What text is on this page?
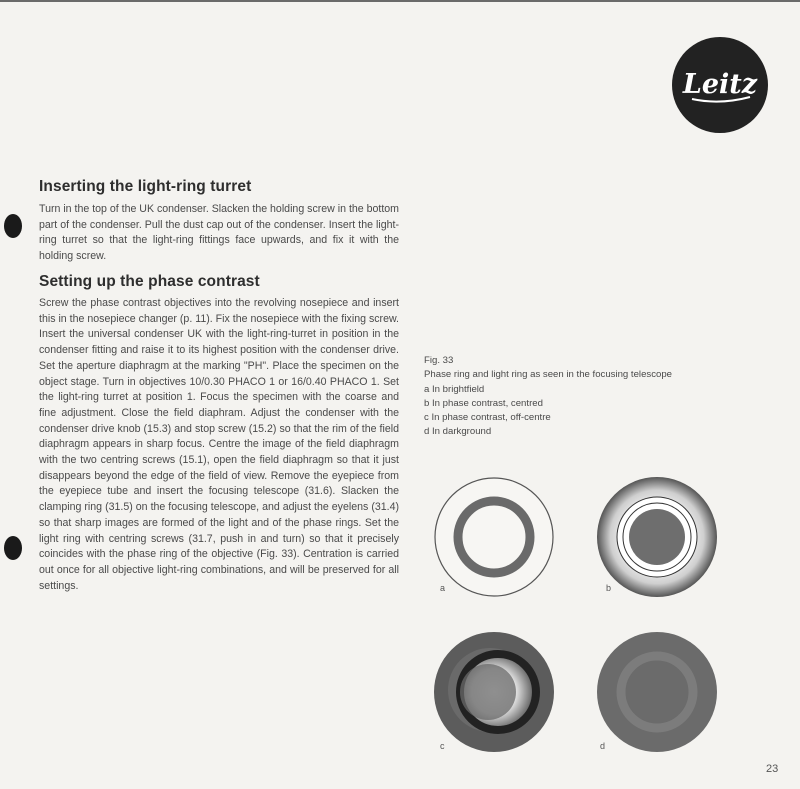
Leitz
Inserting the light-ring turret

Turn in the top of the UK condenser. Slacken the holding screw in the bottom part of the condenser. Pull the dust cap out of the condenser. Insert the light-ring turret so that the light-ring fittings face upwards, and fix it with the holding screw.

Setting up the phase contrast

Screw the phase contrast objectives into the revolving nosepiece and insert this in the nosepiece changer (p. 11). Fix the nosepiece with the fixing screw. Insert the universal condenser UK with the light-ring-turret in position in the condenser fitting and raise it to its highest position with the condenser drive. Set the aperture diaphragm at the marking "PH". Place the specimen on the object stage. Turn in objectives 10/0.30 PHACO 1 or 16/0.40 PHACO 1. Set the light-ring turret at position 1. Focus the specimen with the coarse and fine adjustment. Close the field diaphram. Adjust the condenser with the condenser drive knob (15.3) and stop screw (15.2) so that the rim of the field diaphragm appears in sharp focus. Centre the image of the field diaphragm with the two centring screws (15.1), open the field diaphragm so that it just disappears beyond the edge of the field of view. Remove the eyepiece from the eyepiece tube and insert the focusing telescope (31.6). Slacken the clamping ring (31.5) on the focusing telescope, and adjust the eyelens (31.4) so that sharp images are formed of the light and of the phase rings. Set the light ring with centring screws (31.7, push in and turn) so that it precisely coincides with the phase ring of the objective (Fig. 33). Centration is carried out once for all objective light-ring combinations, and will be preserved for all settings.

Fig. 33
Phase ring and light ring as seen in the focusing telescope
a In brightfield
b In phase contrast, centred
c In phase contrast, off-centre
d In darkground
a	b
c	d
23
